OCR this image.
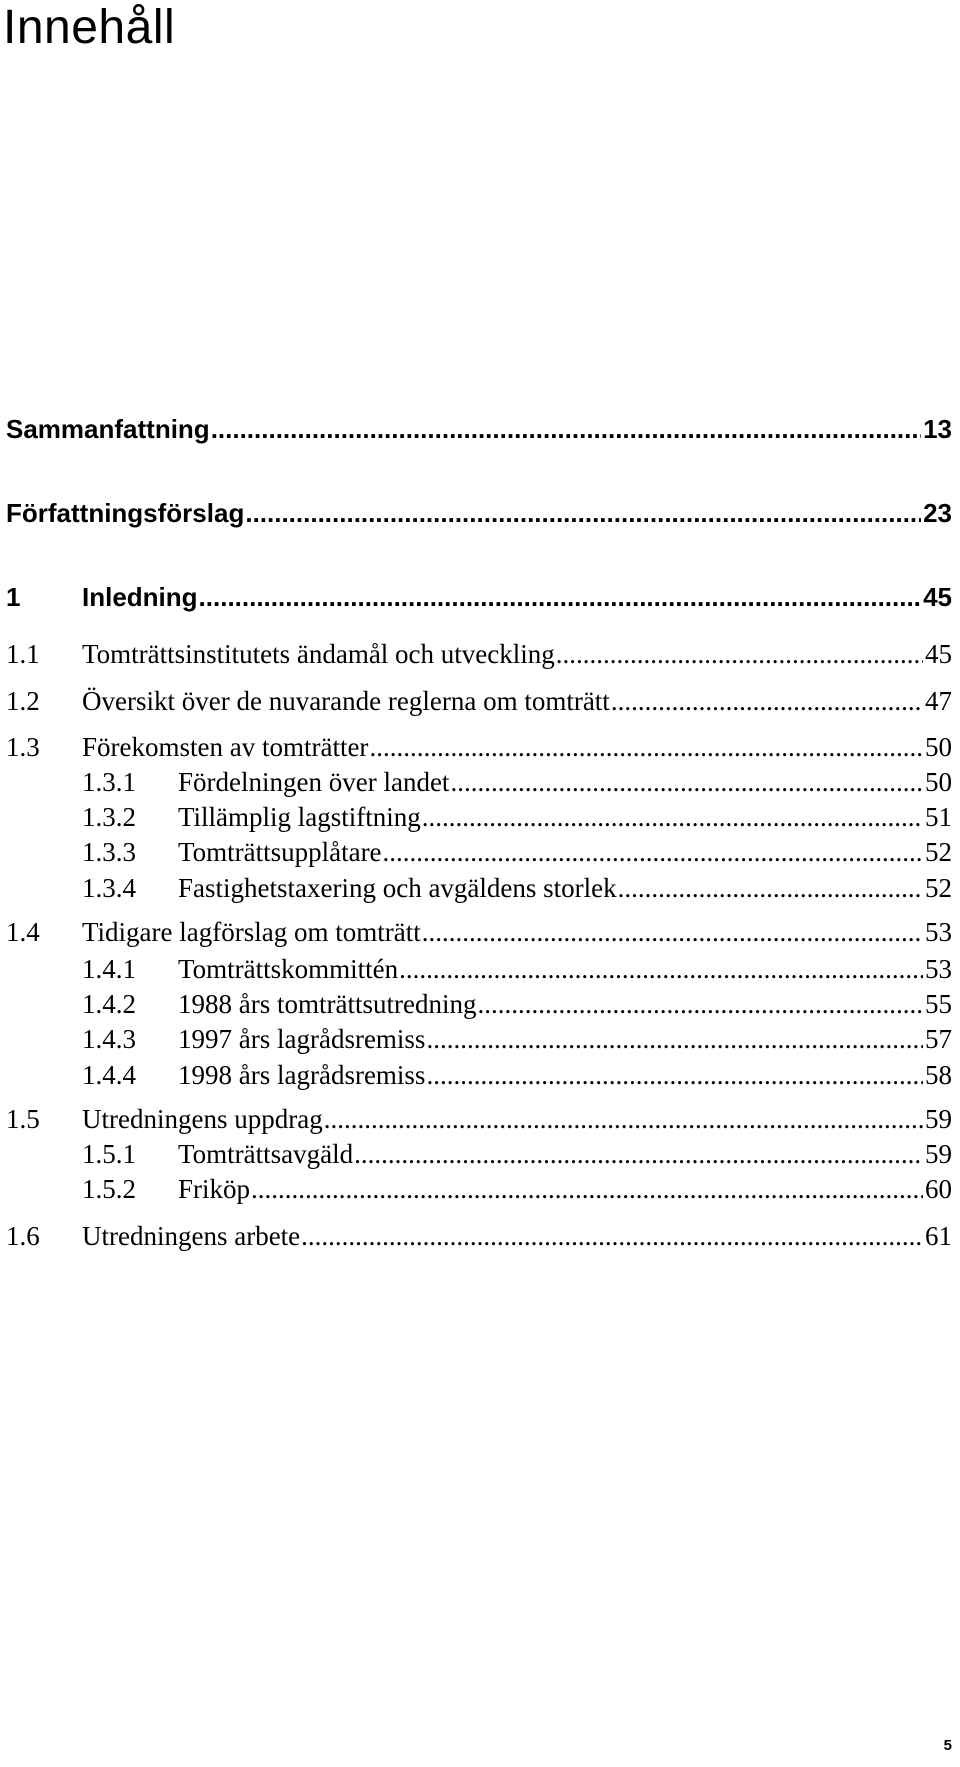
Innehåll
Sammanfattning .....	13
Författningsförslag .....	23
1	Inledning .....	45
1.1	Tomträttsinstitutets ändamål och utveckling .....	45
1.2	Översikt över de nuvarande reglerna om tomträtt .....	47
1.3	Förekomsten av tomträtter .....	50
1.3.1	Fördelningen över landet .....	50
1.3.2	Tillämplig lagstiftning .....	51
1.3.3	Tomträttsupplåtare .....	52
1.3.4	Fastighetstaxering och avgäldens storlek .....	52
1.4	Tidigare lagförslag om tomträtt .....	53
1.4.1	Tomträttskommittén .....	53
1.4.2	1988 års tomträttsutredning .....	55
1.4.3	1997 års lagrådsremiss .....	57
1.4.4	1998 års lagrådsremiss .....	58
1.5	Utredningens uppdrag .....	59
1.5.1	Tomträttsavgäld .....	59
1.5.2	Friköp .....	60
1.6	Utredningens arbete .....	61
5
